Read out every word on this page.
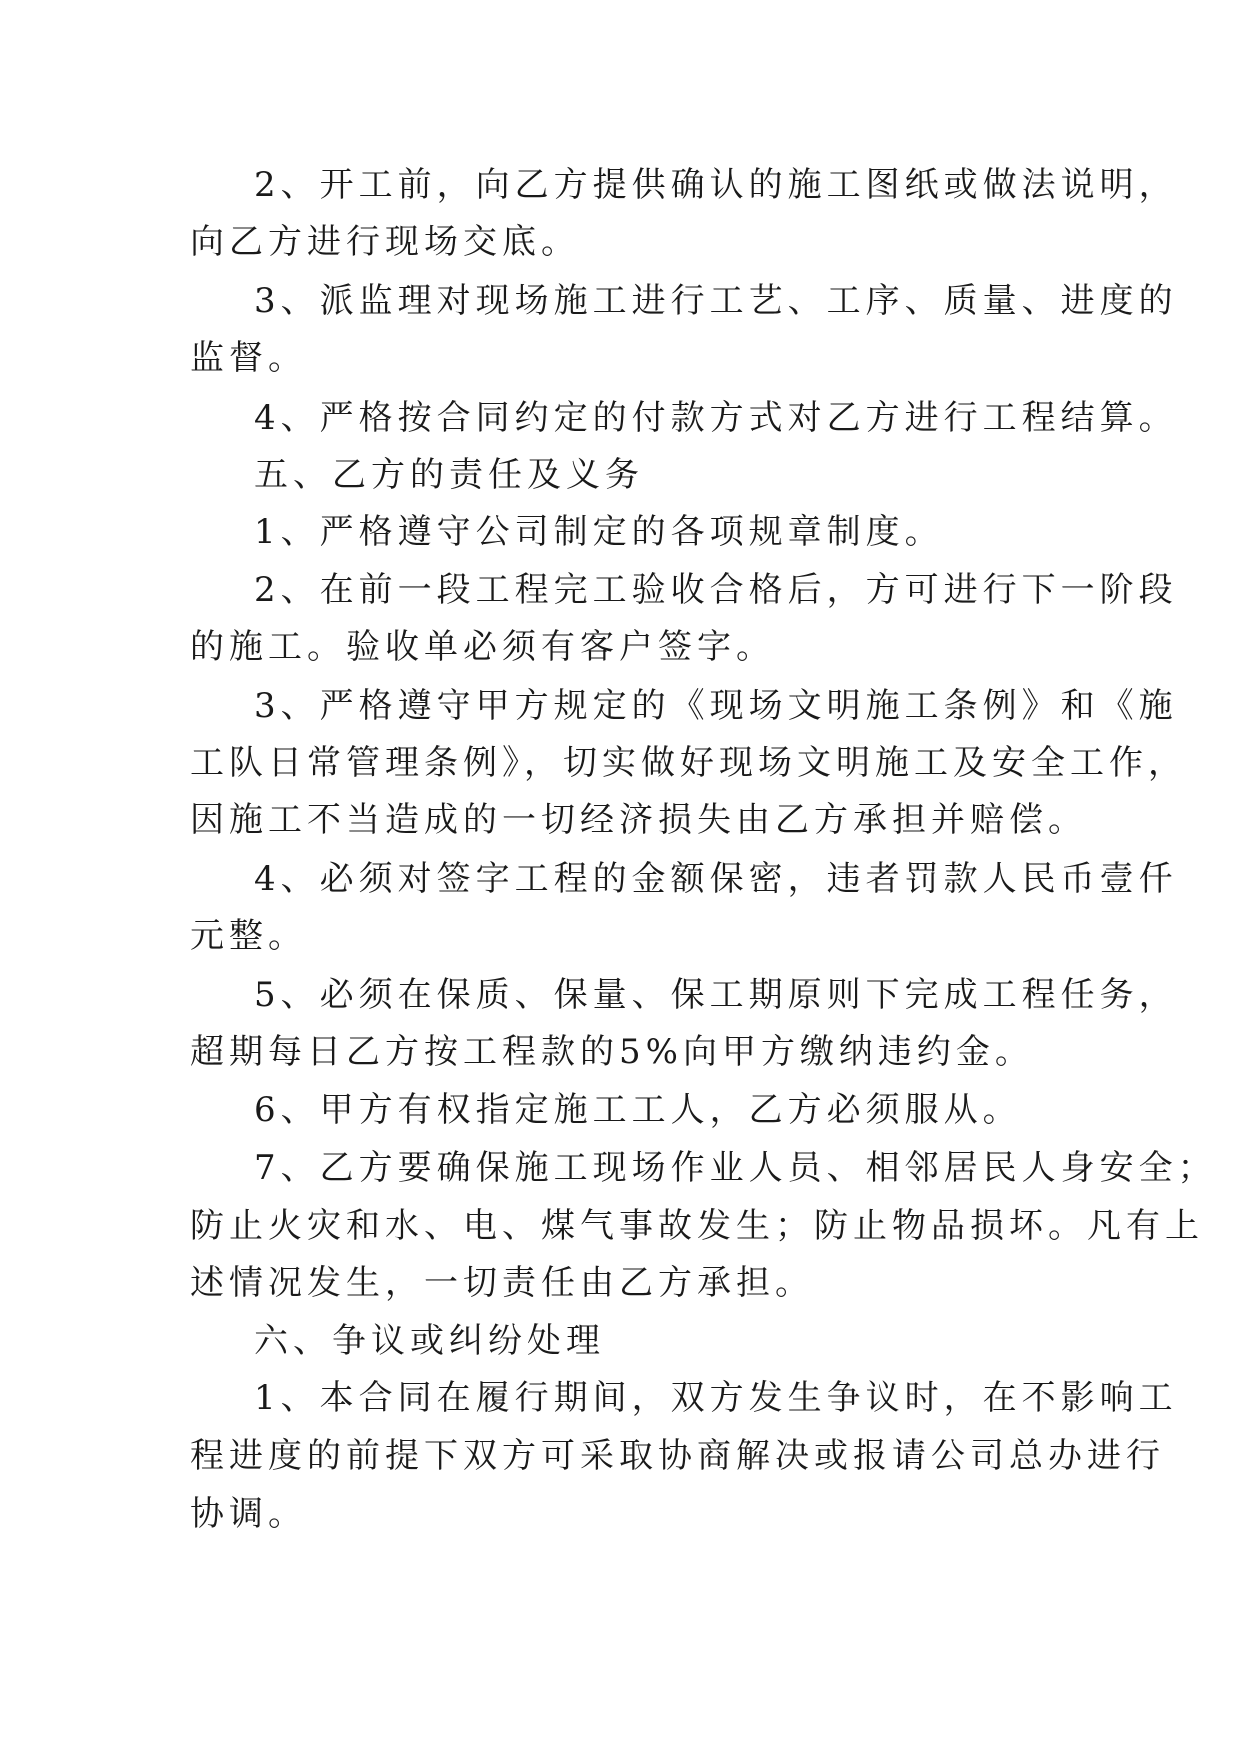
2、开工前，向乙方提供确认的施工图纸或做法说明，

向乙方进行现场交底。

3、派监理对现场施工进行工艺、工序、质量、进度的

监督。

4、严格按合同约定的付款方式对乙方进行工程结算。

五、乙方的责任及义务

1、严格遵守公司制定的各项规章制度。

2、在前一段工程完工验收合格后，方可进行下一阶段

的施工。验收单必须有客户签字。

3、严格遵守甲方规定的《现场文明施工条例》和《施

工队日常管理条例》，切实做好现场文明施工及安全工作，

因施工不当造成的一切经济损失由乙方承担并赔偿。

4、必须对签字工程的金额保密，违者罚款人民币壹仟

元整。

5、必须在保质、保量、保工期原则下完成工程任务，

超期每日乙方按工程款的5%向甲方缴纳违约金。

6、甲方有权指定施工工人，乙方必须服从。

7、乙方要确保施工现场作业人员、相邻居民人身安全；

防止火灾和水、电、煤气事故发生；防止物品损坏。凡有上

述情况发生，一切责任由乙方承担。

六、争议或纠纷处理

1、本合同在履行期间，双方发生争议时，在不影响工

程进度的前提下双方可采取协商解决或报请公司总办进行

协调。
